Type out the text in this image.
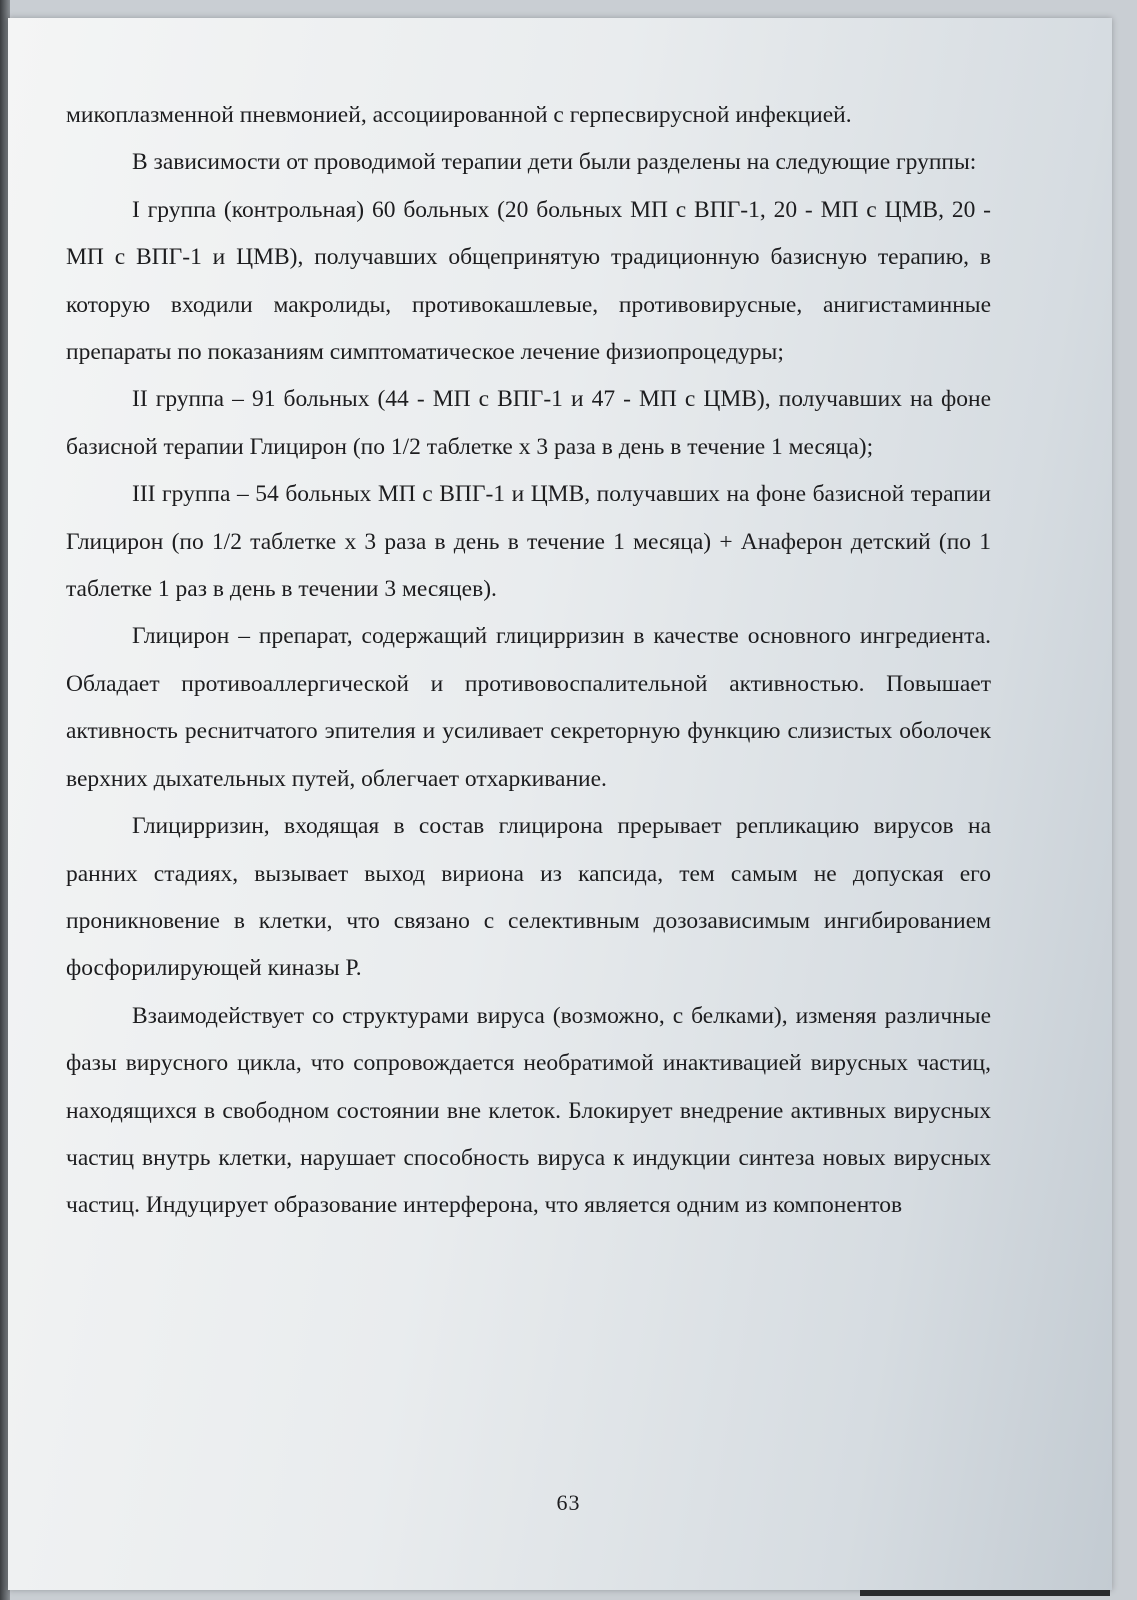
микоплазменной пневмонией, ассоциированной с герпесвирусной инфекцией.

В зависимости от проводимой терапии дети были разделены на следующие группы:

I группа (контрольная) 60 больных (20 больных МП с ВПГ-1, 20 - МП с ЦМВ, 20 - МП с ВПГ-1 и ЦМВ), получавших общепринятую традиционную базисную терапию, в которую входили макролиды, противокашлевые, противовирусные, анигистаминные препараты по показаниям симптоматическое лечение физиопроцедуры;

II группа – 91 больных (44 - МП с ВПГ-1 и 47 - МП с ЦМВ), получавших на фоне базисной терапии Глицирон (по 1/2 таблетке х 3 раза в день в течение 1 месяца);

III группа – 54 больных МП с ВПГ-1 и ЦМВ, получавших на фоне базисной терапии Глицирон (по 1/2 таблетке х 3 раза в день в течение 1 месяца) + Анаферон детский (по 1 таблетке 1 раз в день в течении 3 месяцев).

Глицирон – препарат, содержащий глицирризин в качестве основного ингредиента. Обладает противоаллергической и противовоспалительной активностью. Повышает активность реснитчатого эпителия и усиливает секреторную функцию слизистых оболочек верхних дыхательных путей, облегчает отхаркивание.

Глицирризин, входящая в состав глицирона прерывает репликацию вирусов на ранних стадиях, вызывает выход вириона из капсида, тем самым не допуская его проникновение в клетки, что связано с селективным дозозависимым ингибированием фосфорилирующей киназы Р.

Взаимодействует со структурами вируса (возможно, с белками), изменяя различные фазы вирусного цикла, что сопровождается необратимой инактивацией вирусных частиц, находящихся в свободном состоянии вне клеток. Блокирует внедрение активных вирусных частиц внутрь клетки, нарушает способность вируса к индукции синтеза новых вирусных частиц. Индуцирует образование интерферона, что является одним из компонентов

63
